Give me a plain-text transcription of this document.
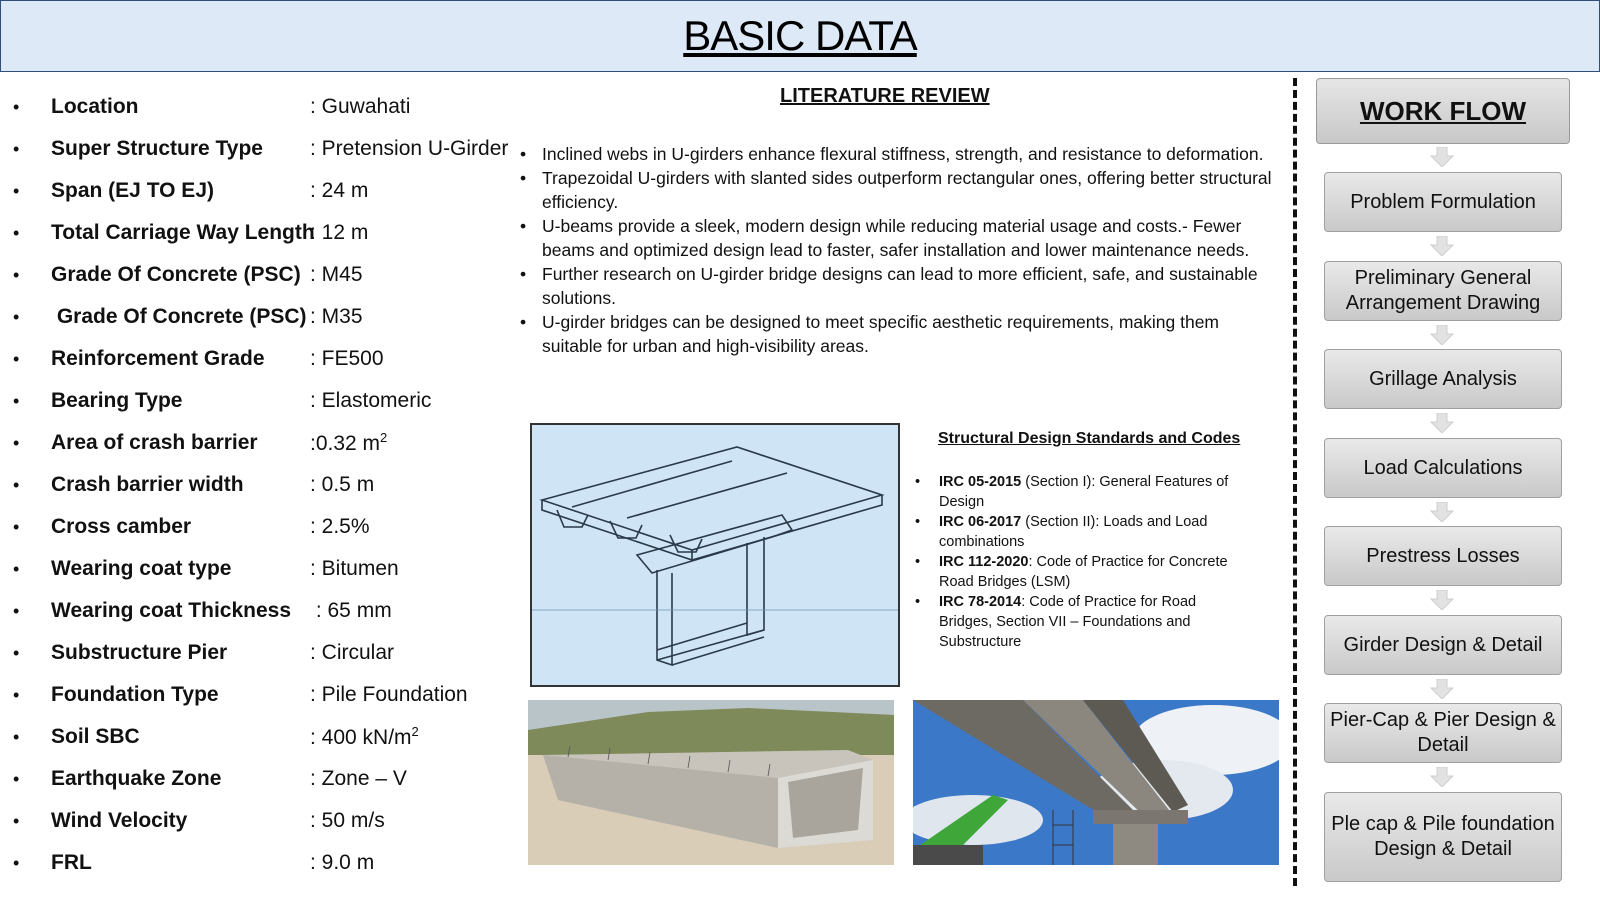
BASIC DATA
• Location	: Guwahati
• Super Structure Type : Pretension U-Girder
• Span (EJ TO EJ)	: 24 m
• Total Carriage Way Length
: 12 m
• Grade Of Concrete (PSC) : M45
• Grade Of Concrete (PSC) : M35
• Reinforcement Grade : FE500
• Bearing Type	: Elastomeric
• Area of crash barrier :0.32 $m^2$
• Crash barrier width	: 0.5 m
• Cross camber	: 2.5%
• Wearing coat type	: Bitumen
• Wearing coat Thickness : 65 mm
• Substructure Pier	: Circular
• Foundation Type	: Pile Foundation
• Soil SBC	: 400 $kN/m^2$
• Earthquake Zone	: Zone – V
• Wind Velocity	: 50 m/s
• FRL	: 9.0 m
LITERATURE REVIEW
• Inclined webs in U-girders enhance flexural stiffness, strength, and resistance to deformation.
• Trapezoidal U-girders with slanted sides outperform rectangular ones, offering better structural efficiency.
• U-beams provide a sleek, modern design while reducing material usage and costs.- Fewer beams and optimized design lead to faster, safer installation and lower maintenance needs.
• Further research on U-girder bridge designs can lead to more efficient, safe, and sustainable solutions.
• U-girder bridges can be designed to meet specific aesthetic requirements, making them suitable for urban and high-visibility areas.
Structural Design Standards and Codes
• IRC 05-2015 (Section I): General Features of Design
• IRC 06-2017 (Section II): Loads and Load combinations
• IRC 112-2020: Code of Practice for Concrete Road Bridges (LSM)
• IRC 78-2014: Code of Practice for Road Bridges, Section VII – Foundations and Substructure
WORK FLOW
Problem Formulation
Preliminary General Arrangement Drawing
Grillage Analysis
Load Calculations
Prestress Losses
Girder Design & Detail
Pier-Cap & Pier Design & Detail
Ple cap & Pile foundation Design & Detail
